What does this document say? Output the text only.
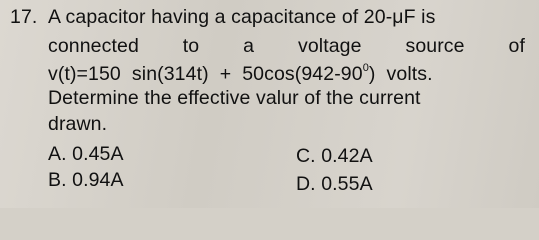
17. A capacitor having a capacitance of 20-μF is
connected to a voltage source of
v(t)=150  $\sin(314t) + 50\cos(942-90^0)$  volts.
Determine the effective valur of the current
drawn.
A. 0.45A
B. 0.94A
C. 0.42A
D. 0.55A
